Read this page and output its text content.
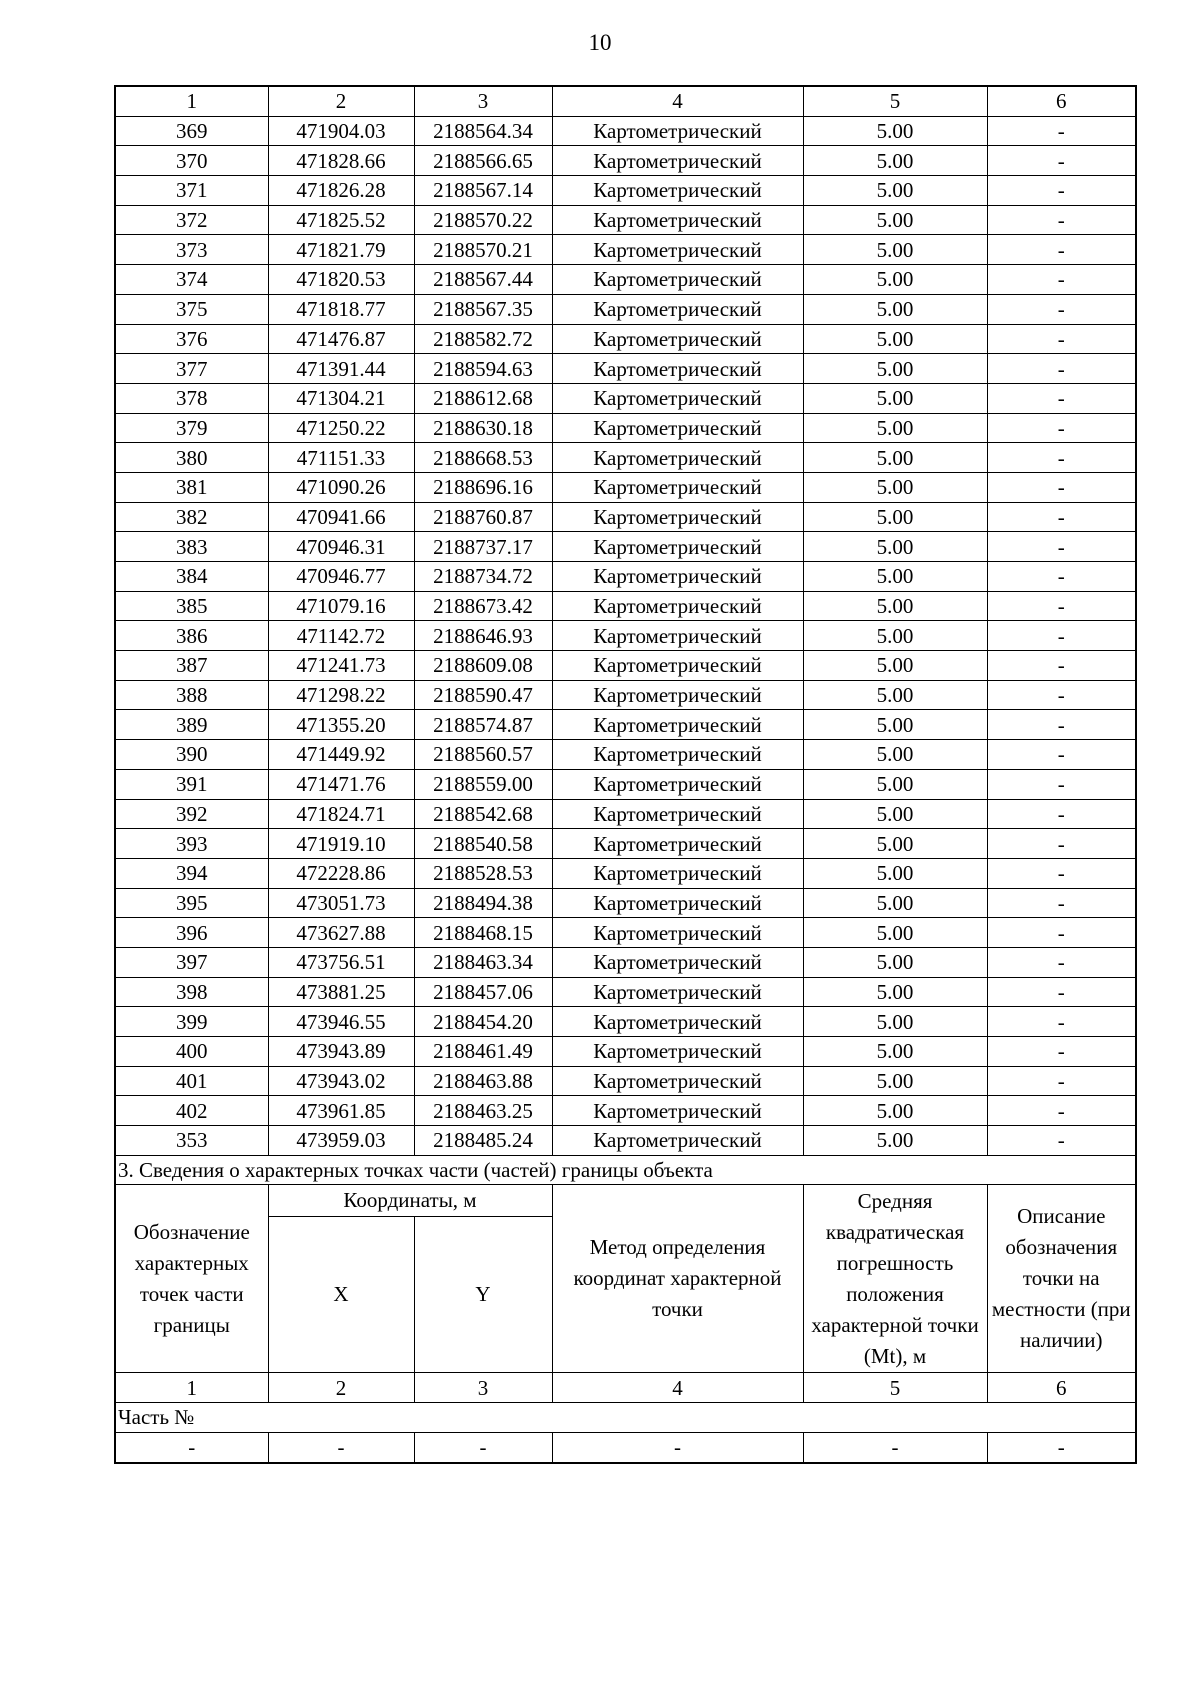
10
1	2	3	4	5	6
369	471904.03	2188564.34	Картометрический	5.00	-
370	471828.66	2188566.65	Картометрический	5.00	-
371	471826.28	2188567.14	Картометрический	5.00	-
372	471825.52	2188570.22	Картометрический	5.00	-
373	471821.79	2188570.21	Картометрический	5.00	-
374	471820.53	2188567.44	Картометрический	5.00	-
375	471818.77	2188567.35	Картометрический	5.00	-
376	471476.87	2188582.72	Картометрический	5.00	-
377	471391.44	2188594.63	Картометрический	5.00	-
378	471304.21	2188612.68	Картометрический	5.00	-
379	471250.22	2188630.18	Картометрический	5.00	-
380	471151.33	2188668.53	Картометрический	5.00	-
381	471090.26	2188696.16	Картометрический	5.00	-
382	470941.66	2188760.87	Картометрический	5.00	-
383	470946.31	2188737.17	Картометрический	5.00	-
384	470946.77	2188734.72	Картометрический	5.00	-
385	471079.16	2188673.42	Картометрический	5.00	-
386	471142.72	2188646.93	Картометрический	5.00	-
387	471241.73	2188609.08	Картометрический	5.00	-
388	471298.22	2188590.47	Картометрический	5.00	-
389	471355.20	2188574.87	Картометрический	5.00	-
390	471449.92	2188560.57	Картометрический	5.00	-
391	471471.76	2188559.00	Картометрический	5.00	-
392	471824.71	2188542.68	Картометрический	5.00	-
393	471919.10	2188540.58	Картометрический	5.00	-
394	472228.86	2188528.53	Картометрический	5.00	-
395	473051.73	2188494.38	Картометрический	5.00	-
396	473627.88	2188468.15	Картометрический	5.00	-
397	473756.51	2188463.34	Картометрический	5.00	-
398	473881.25	2188457.06	Картометрический	5.00	-
399	473946.55	2188454.20	Картометрический	5.00	-
400	473943.89	2188461.49	Картометрический	5.00	-
401	473943.02	2188463.88	Картометрический	5.00	-
402	473961.85	2188463.25	Картометрический	5.00	-
353	473959.03	2188485.24	Картометрический	5.00	-
3. Сведения о характерных точках части (частей) границы объекта					
Обозначение характерных точек части границы	Координаты, м		Метод определения координат характерной точки	Средняя квадратическая погрешность положения характерной точки (Mt), м	Описание обозначения точки на местности (при наличии)
	X	Y			
1	2	3	4	5	6
Часть №					
-	-	-	-	-	-
